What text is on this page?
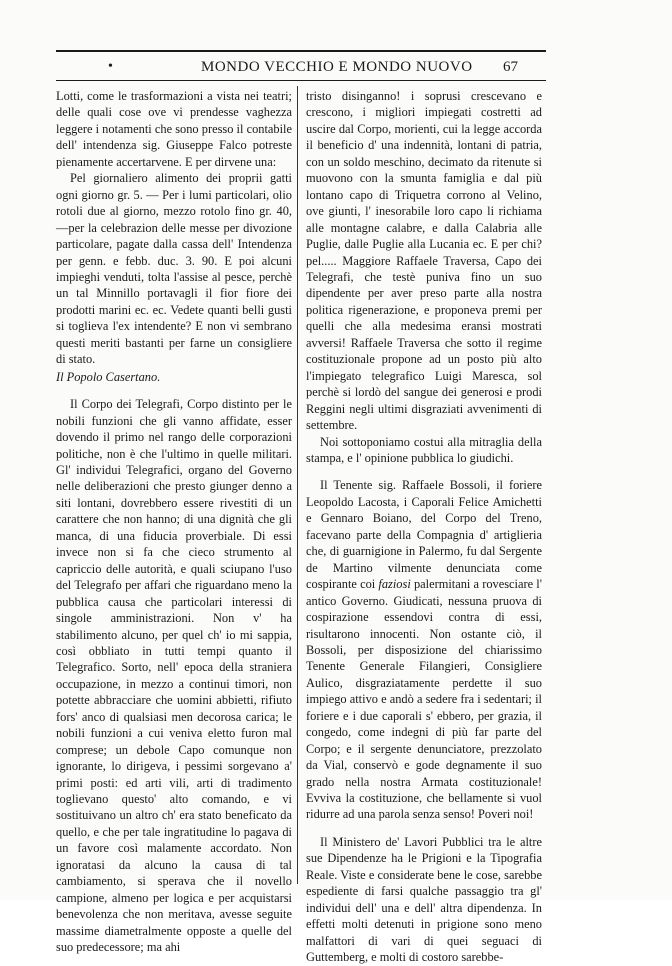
•	MONDO VECCHIO E MONDO NUOVO 67

Lotti, come le trasformazioni a vista nei teatri; delle quali cose ove vi prendesse vaghezza leggere i notamenti che sono presso il contabile dell' intendenza sig. Giuseppe Falco potreste pienamente accertarvene. E per dirvene una:

Pel giornaliero alimento dei proprii gatti ogni giorno gr. 5. — Per i lumi particolari, olio rotoli due al giorno, mezzo rotolo fino gr. 40,—per la celebrazion delle messe per divozione particolare, pagate dalla cassa dell' Intendenza per genn. e febb. duc. 3. 90. E poi alcuni impieghi venduti, tolta l'assise al pesce, perchè un tal Minnillo portavagli il fior fiore dei prodotti marini ec. ec. Vedete quanti belli gusti si toglieva l'ex intendente? E non vi sembrano questi meriti bastanti per farne un consigliere di stato.

Il Popolo Casertano.

Il Corpo dei Telegrafi, Corpo distinto per le nobili funzioni che gli vanno affidate, esser dovendo il primo nel rango delle corporazioni politiche, non è che l'ultimo in quelle militari. Gl' individui Telegrafici, organo del Governo nelle deliberazioni che presto giunger denno a siti lontani, dovrebbero essere rivestiti di un carattere che non hanno; di una dignità che gli manca, di una fiducia proverbiale. Di essi invece non si fa che cieco strumento al capriccio delle autorità, e quali sciupano l'uso del Telegrafo per affari che riguardano meno la pubblica causa che particolari interessi di singole amministrazioni. Non v' ha stabilimento alcuno, per quel ch' io mi sappia, così obbliato in tutti tempi quanto il Telegrafico. Sorto, nell' epoca della straniera occupazione, in mezzo a continui timori, non potette abbracciare che uomini abbietti, rifiuto fors' anco di qualsiasi men decorosa carica; le nobili funzioni a cui veniva eletto furon mal comprese; un debole Capo comunque non ignorante, lo dirigeva, i pessimi sorgevano a' primi posti: ed arti vili, arti di tradimento toglievano questo' alto comando, e vi sostituivano un altro ch' era stato beneficato da quello, e che per tale ingratitudine lo pagava di un favore così malamente accordato. Non ignoratasi da alcuno la causa di tal cambiamento, si sperava che il novello campione, almeno per logica e per acquistarsi benevolenza che non meritava, avesse seguite massime diametralmente opposte a quelle del suo predecessore; ma ahi

tristo disinganno! i soprusi crescevano e crescono, i migliori impiegati costretti ad uscire dal Corpo, morienti, cui la legge accorda il beneficio d' una indennità, lontani di patria, con un soldo meschino, decimato da ritenute si muovono con la smunta famiglia e dal più lontano capo di Triquetra corrono al Velino, ove giunti, l' inesorabile loro capo li richiama alle montagne calabre, e dalla Calabria alle Puglie, dalle Puglie alla Lucania ec. E per chi? pel..... Maggiore Raffaele Traversa, Capo dei Telegrafi, che testè puniva fino un suo dipendente per aver preso parte alla nostra politica rigenerazione, e proponeva premi per quelli che alla medesima eransi mostrati avversi! Raffaele Traversa che sotto il regime costituzionale propone ad un posto più alto l'impiegato telegrafico Luigi Maresca, sol perchè si lordò del sangue dei generosi e prodi Reggini negli ultimi disgraziati avvenimenti di settembre.

Noi sottoponiamo costui alla mitraglia della stampa, e l' opinione pubblica lo giudichi.

Il Tenente sig. Raffaele Bossoli, il foriere Leopoldo Lacosta, i Caporali Felice Amichetti e Gennaro Boiano, del Corpo del Treno, facevano parte della Compagnia d' artiglieria che, di guarnigione in Palermo, fu dal Sergente de Martino vilmente denunciata come cospirante coi faziosi palermitani a rovesciare l' antico Governo. Giudicati, nessuna pruova di cospirazione essendovi contra di essi, risultarono innocenti. Non ostante ciò, il Bossoli, per disposizione del chiarissimo Tenente Generale Filangieri, Consigliere Aulico, disgraziatamente perdette il suo impiego attivo e andò a sedere fra i sedentari; il foriere e i due caporali s' ebbero, per grazia, il congedo, come indegni di più far parte del Corpo; e il sergente denunciatore, prezzolato da Vial, conservò e gode degnamente il suo grado nella nostra Armata costituzionale! Evviva la costituzione, che bellamente si vuol ridurre ad una parola senza senso! Poveri noi!

Il Ministero de' Lavori Pubblici tra le altre sue Dipendenze ha le Prigioni e la Tipografia Reale. Viste e considerate bene le cose, sarebbe espediente di farsi qualche passaggio tra gl' individui dell' una e dell' altra dipendenza. In effetti molti detenuti in prigione sono meno malfattori di vari di quei seguaci di Guttemberg, e molti di costoro sarebbe-
